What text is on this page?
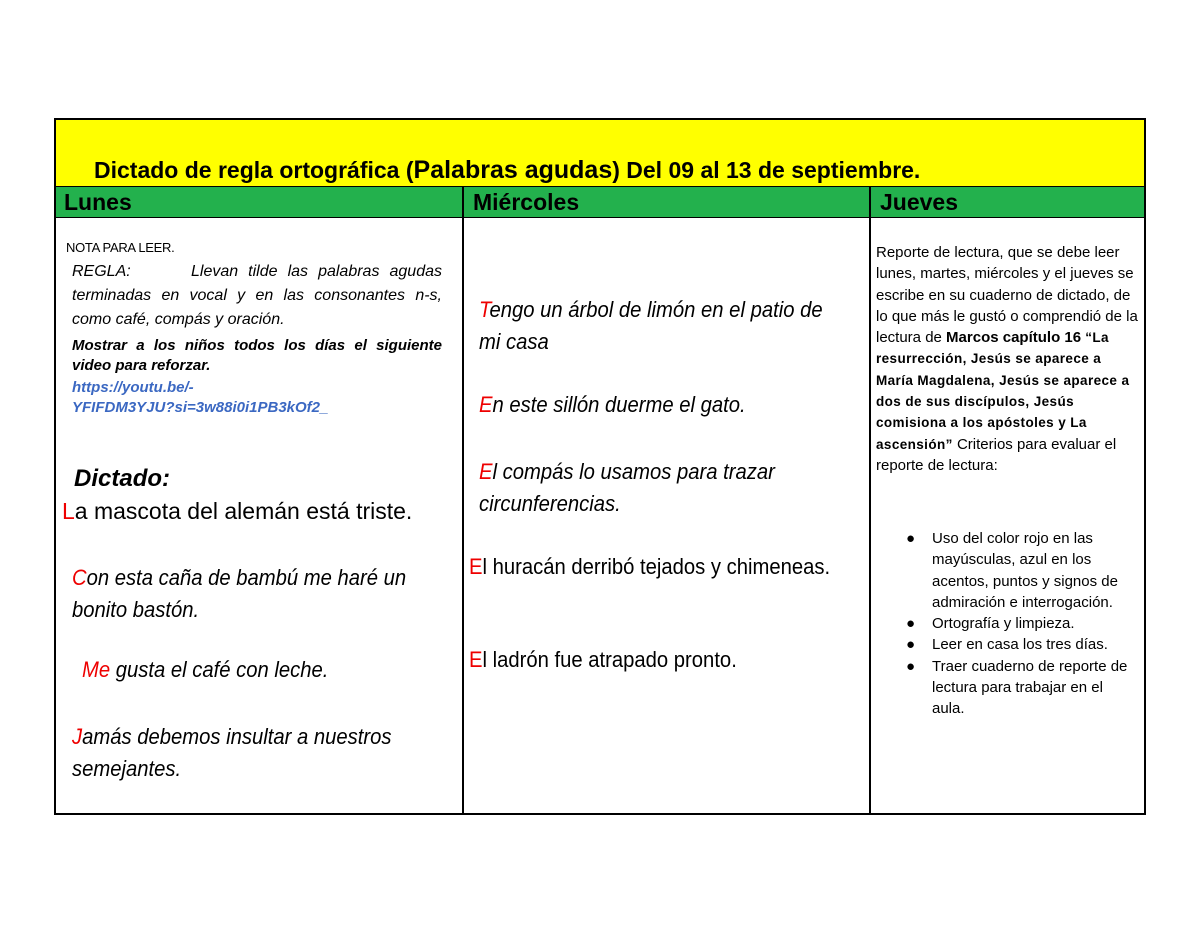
Dictado de regla ortográfica (Palabras agudas) Del 09 al 13 de septiembre.
Lunes	Miércoles	Jueves
NOTA PARA LEER.
REGLA:	Llevan tilde las palabras agudas terminadas en vocal y en las consonantes n-s, como café, compás y oración.
Mostrar a los niños todos los días el siguiente video para reforzar.
https://youtu.be/-
YFIFDM3YJU?si=3w88i0i1PB3kOf2_
Dictado:
La mascota del alemán está triste.
Con esta caña de bambú me haré un bonito bastón.
Me gusta el café con leche.
Jamás debemos insultar a nuestros semejantes.
Tengo un árbol de limón en el patio de mi casa
En este sillón duerme el gato.
El compás lo usamos para trazar circunferencias.
El huracán derribó tejados y chimeneas.
El ladrón fue atrapado pronto.
Reporte de lectura, que se debe leer lunes, martes, miércoles y el jueves se escribe en su cuaderno de dictado, de lo que más le gustó o comprendió de la lectura de Marcos capítulo 16 “La resurrección, Jesús se aparece a María Magdalena, Jesús se aparece a dos de sus discípulos, Jesús comisiona a los apóstoles y La ascensión” Criterios para evaluar el reporte de lectura:
● Uso del color rojo en las mayúsculas, azul en los acentos, puntos y signos de admiración e interrogación.
● Ortografía y limpieza.
● Leer en casa los tres días.
● Traer cuaderno de reporte de lectura para trabajar en el aula.
